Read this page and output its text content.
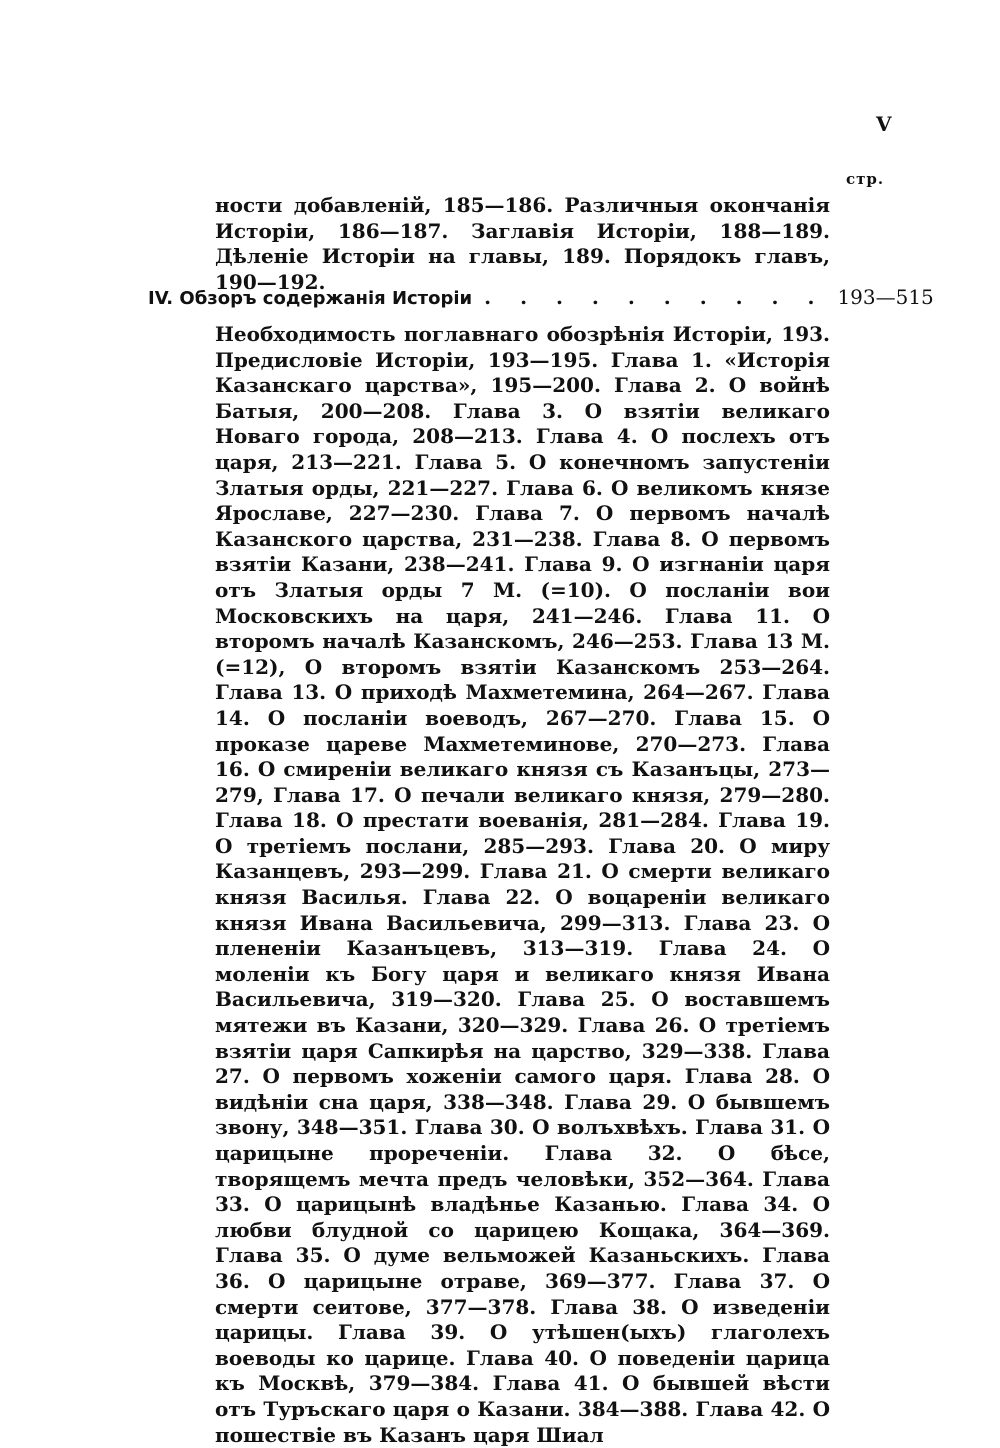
V
стр.
ности добавленій, 185—186. Различныя окончанія Исторіи, 186—187. Заглавія Исторіи, 188—189. Дѣленіе Исторіи на главы, 189. Порядокъ главъ, 190—192.
IV. Обзоръ содержанія Исторіи . . . . . . . . . . 193—515
Необходимость поглавнаго обозрѣнія Исторіи, 193. Предисловіе Исторіи, 193—195. Глава 1. «Исторія Казанскаго царства», 195—200. Глава 2. О войнѣ Батыя, 200—208. Глава 3. О взятіи великаго Новаго города, 208—213. Глава 4. О послехъ отъ царя, 213—221. Глава 5. О конечномъ запустеніи Златыя орды, 221—227. Глава 6. О великомъ князе Ярославе, 227—230. Глава 7. О первомъ началѣ Казанского царства, 231—238. Глава 8. О первомъ взятіи Казани, 238—241. Глава 9. О изгнаніи царя отъ Златыя орды 7 М. (=10). О посланіи вои Московскихъ на царя, 241—246. Глава 11. О второмъ началѣ Казанскомъ, 246—253. Глава 13 М. (=12), О второмъ взятіи Казанскомъ 253—264. Глава 13. О приходѣ Махметемина, 264—267. Глава 14. О посланіи воеводъ, 267—270. Глава 15. О проказе цареве Махметеминове, 270—273. Глава 16. О смиреніи великаго князя съ Казанъцы, 273—279, Глава 17. О печали великаго князя, 279—280. Глава 18. О престати воеванія, 281—284. Глава 19. О третіемъ послани, 285—293. Глава 20. О миру Казанцевъ, 293—299. Глава 21. О смерти великаго князя Василья. Глава 22. О воцареніи великаго князя Ивана Васильевича, 299—313. Глава 23. О плененіи Казанъцевъ, 313—319. Глава 24. О моленіи къ Богу царя и великаго князя Ивана Васильевича, 319—320. Глава 25. О воставшемъ мятежи въ Казани, 320—329. Глава 26. О третіемъ взятіи царя Сапкирѣя на царство, 329—338. Глава 27. О первомъ хоженіи самого царя. Глава 28. О видѣніи сна царя, 338—348. Глава 29. О бывшемъ звону, 348—351. Глава 30. О волъхвѣхъ. Глава 31. О царицыне прореченіи. Глава 32. О бѣсе, творящемъ мечта предъ человѣки, 352—364. Глава 33. О царицынѣ владѣнье Казанью. Глава 34. О любви блудной со царицею Кощака, 364—369. Глава 35. О думе вельможей Казаньскихъ. Глава 36. О царицыне отраве, 369—377. Глава 37. О смерти сеитове, 377—378. Глава 38. О изведеніи царицы. Глава 39. О утѣшен(ыхъ) глаголехъ воеводы ко царице. Глава 40. О поведеніи царица къ Москвѣ, 379—384. Глава 41. О бывшей вѣсти отъ Туръскаго царя о Казани. 384—388. Глава 42. О пошествіе въ Казанъ царя Шиал
